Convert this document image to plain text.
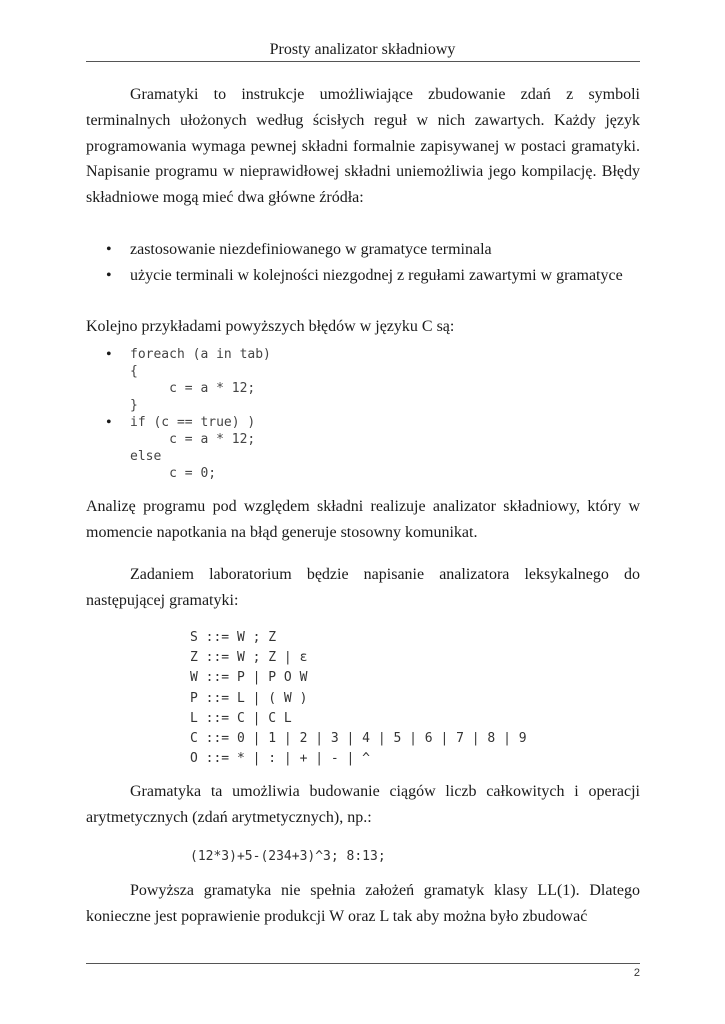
Prosty analizator składniowy

Gramatyki to instrukcje umożliwiające zbudowanie zdań z symboli terminalnych ułożonych według ścisłych reguł w nich zawartych. Każdy język programowania wymaga pewnej składni formalnie zapisywanej w postaci gramatyki. Napisanie programu w nieprawidłowej składni uniemożliwia jego kompilację. Błędy składniowe mogą mieć dwa główne źródła:

• zastosowanie niezdefiniowanego w gramatyce terminala
• użycie terminali w kolejności niezgodnej z regułami zawartymi w gramatyce

Kolejno przykładami powyższych błędów w języku C są:

• foreach (a in tab)
{
c = a * 12;
}
• if (c == true) )
c = a * 12;
else
c = 0;

Analizę programu pod względem składni realizuje analizator składniowy, który w momencie napotkania na błąd generuje stosowny komunikat.

Zadaniem laboratorium będzie napisanie analizatora leksykalnego do następującej gramatyki:

S ::= W ; Z
Z ::= W ; Z | ε
W ::= P | P O W
P ::= L | ( W )
L ::= C | C L
C ::= 0 | 1 | 2 | 3 | 4 | 5 | 6 | 7 | 8 | 9
O ::= * | : | + | - | ^

Gramatyka ta umożliwia budowanie ciągów liczb całkowitych i operacji arytmetycznych (zdań arytmetycznych), np.:

(12*3)+5-(234+3)^3; 8:13;

Powyższa gramatyka nie spełnia założeń gramatyk klasy LL(1). Dlatego konieczne jest poprawienie produkcji W oraz L tak aby można było zbudować

2
